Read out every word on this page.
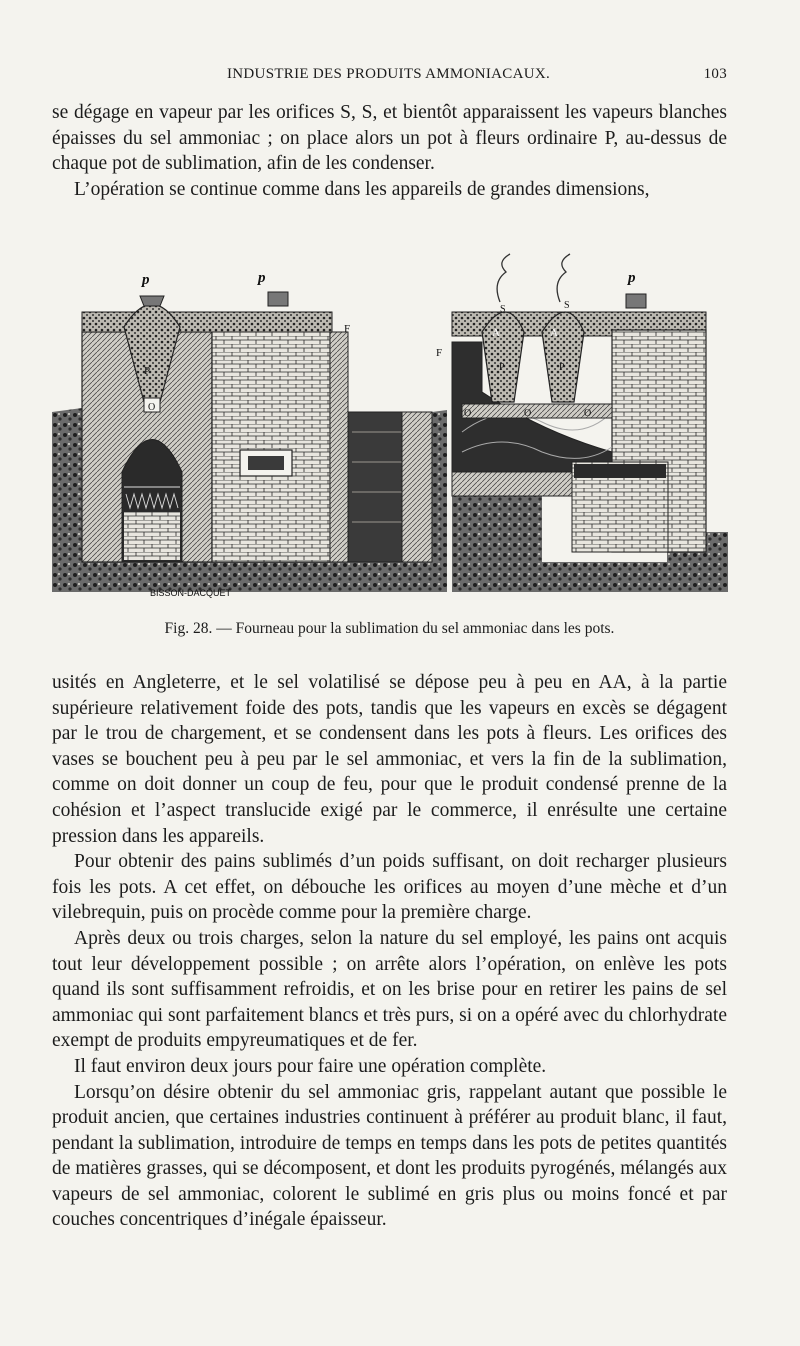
INDUSTRIE DES PRODUITS AMMONIACAUX.	103

se dégage en vapeur par les orifices S, S, et bientôt apparaissent les vapeurs blanches épaisses du sel ammoniac ; on place alors un pot à fleurs ordinaire P, au-dessus de chaque pot de sublimation, afin de les condenser.

L’opération se continue comme dans les appareils de grandes dimensions,

P
O
p	p
F	A	A
S	S
P	P
O	O	O
F
p
BISSON-DACQUET
Fig. 28. — Fourneau pour la sublimation du sel ammoniac dans les pots.

usités en Angleterre, et le sel volatilisé se dépose peu à peu en AA, à la partie supérieure relativement foide des pots, tandis que les vapeurs en excès se dégagent par le trou de chargement, et se condensent dans les pots à fleurs. Les orifices des vases se bouchent peu à peu par le sel ammoniac, et vers la fin de la sublimation, comme on doit donner un coup de feu, pour que le produit condensé prenne de la cohésion et l’aspect translucide exigé par le commerce, il enrésulte une certaine pression dans les appareils.

Pour obtenir des pains sublimés d’un poids suffisant, on doit recharger plusieurs fois les pots. A cet effet, on débouche les orifices au moyen d’une mèche et d’un vilebrequin, puis on procède comme pour la première charge.

Après deux ou trois charges, selon la nature du sel employé, les pains ont acquis tout leur développement possible ; on arrête alors l’opération, on enlève les pots quand ils sont suffisamment refroidis, et on les brise pour en retirer les pains de sel ammoniac qui sont parfaitement blancs et très purs, si on a opéré avec du chlorhydrate exempt de produits empyreumatiques et de fer.

Il faut environ deux jours pour faire une opération complète.

Lorsqu’on désire obtenir du sel ammoniac gris, rappelant autant que possible le produit ancien, que certaines industries continuent à préférer au produit blanc, il faut, pendant la sublimation, introduire de temps en temps dans les pots de petites quantités de matières grasses, qui se décomposent, et dont les produits pyrogénés, mélangés aux vapeurs de sel ammoniac, colorent le sublimé en gris plus ou moins foncé et par couches concentriques d’inégale épaisseur.
